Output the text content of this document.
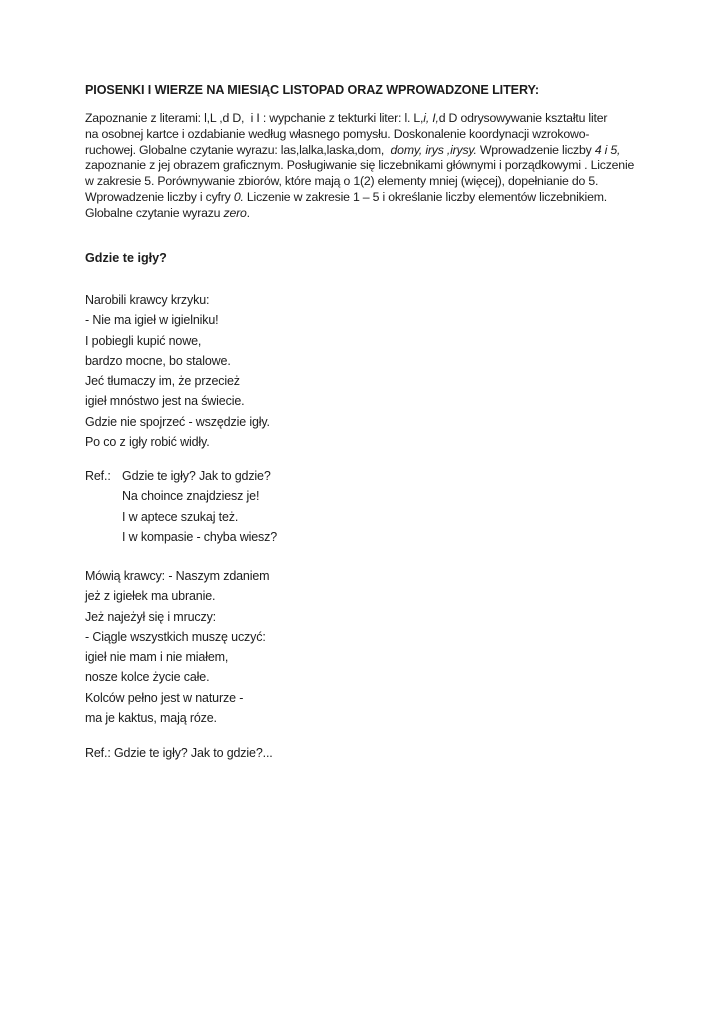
PIOSENKI I WIERZE NA MIESIĄC LISTOPAD ORAZ WPROWADZONE LITERY:
Zapoznanie z literami: l,L ,d D,  i I : wypchanie z tekturki liter: l. L,i, I,d D odrysowywanie kształtu liter
na osobnej kartce i ozdabianie według własnego pomysłu. Doskonalenie koordynacji wzrokowo-
ruchowej. Globalne czytanie wyrazu: las,lalka,laska,dom,  domy, irys ,irysy. Wprowadzenie liczby 4 i 5,
zapoznanie z jej obrazem graficznym. Posługiwanie się liczebnikami głównymi i porządkowymi . Liczenie
w zakresie 5. Porównywanie zbiorów, które mają o 1(2) elementy mniej (więcej), dopełnianie do 5.
Wprowadzenie liczby i cyfry 0. Liczenie w zakresie 1 – 5 i określanie liczby elementów liczebnikiem.
Globalne czytanie wyrazu zero.
Gdzie te igły?
Narobili krawcy krzyku:
- Nie ma igieł w igielniku!
I pobiegli kupić nowe,
bardzo mocne, bo stalowe.
Jeć tłumaczy im, że przecież
igieł mnóstwo jest na świecie.
Gdzie nie spojrzeć - wszędzie igły.
Po co z igły robić widły.
Ref.: Gdzie te igły? Jak to gdzie?
Na choince znajdziesz je!
I w aptece szukaj też.
I w kompasie - chyba wiesz?
Mówią krawcy: - Naszym zdaniem
jeż z igiełek ma ubranie.
Jeż najeżył się i mruczy:
- Ciągle wszystkich muszę uczyć:
igieł nie mam i nie miałem,
nosze kolce życie całe.
Kolców pełno jest w naturze -
ma je kaktus, mają róze.
Ref.: Gdzie te igły? Jak to gdzie?...
